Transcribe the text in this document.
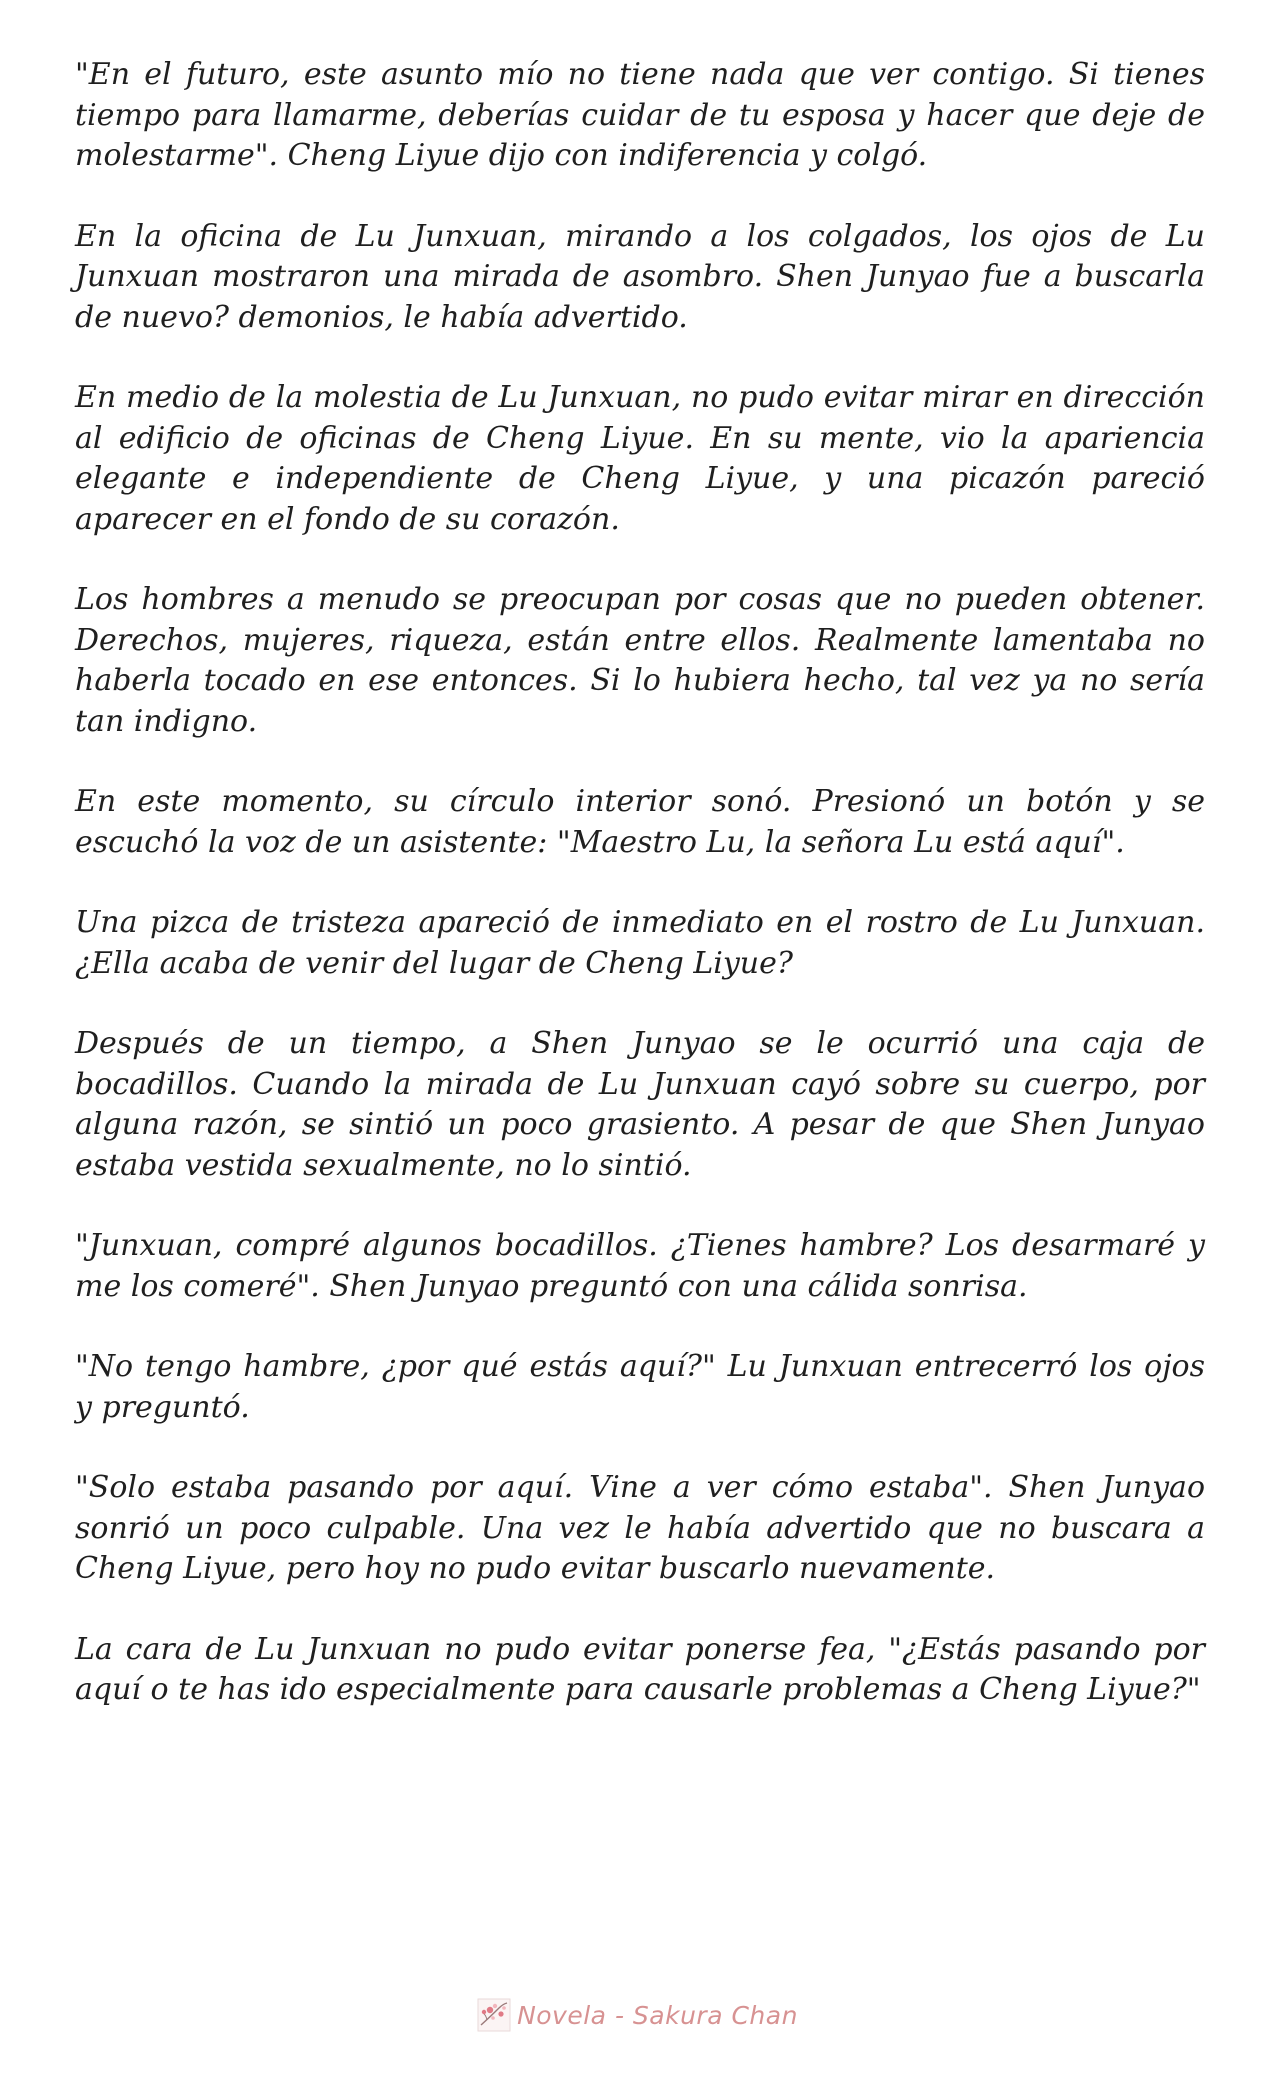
"En el futuro, este asunto mío no tiene nada que ver contigo. Si tienes tiempo para llamarme, deberías cuidar de tu esposa y hacer que deje de molestarme". Cheng Liyue dijo con indiferencia y colgó.

En la oficina de Lu Junxuan, mirando a los colgados, los ojos de Lu Junxuan mostraron una mirada de asombro. Shen Junyao fue a buscarla de nuevo? demonios, le había advertido.

En medio de la molestia de Lu Junxuan, no pudo evitar mirar en dirección al edificio de oficinas de Cheng Liyue. En su mente, vio la apariencia elegante e independiente de Cheng Liyue, y una picazón pareció aparecer en el fondo de su corazón.

Los hombres a menudo se preocupan por cosas que no pueden obtener. Derechos, mujeres, riqueza, están entre ellos. Realmente lamentaba no haberla tocado en ese entonces. Si lo hubiera hecho, tal vez ya no sería tan indigno.

En este momento, su círculo interior sonó. Presionó un botón y se escuchó la voz de un asistente: "Maestro Lu, la señora Lu está aquí".

Una pizca de tristeza apareció de inmediato en el rostro de Lu Junxuan. ¿Ella acaba de venir del lugar de Cheng Liyue?

Después de un tiempo, a Shen Junyao se le ocurrió una caja de bocadillos. Cuando la mirada de Lu Junxuan cayó sobre su cuerpo, por alguna razón, se sintió un poco grasiento. A pesar de que Shen Junyao estaba vestida sexualmente, no lo sintió.

"Junxuan, compré algunos bocadillos. ¿Tienes hambre? Los desarmaré y me los comeré". Shen Junyao preguntó con una cálida sonrisa.

"No tengo hambre, ¿por qué estás aquí?" Lu Junxuan entrecerró los ojos y preguntó.

"Solo estaba pasando por aquí. Vine a ver cómo estaba". Shen Junyao sonrió un poco culpable. Una vez le había advertido que no buscara a Cheng Liyue, pero hoy no pudo evitar buscarlo nuevamente.

La cara de Lu Junxuan no pudo evitar ponerse fea, "¿Estás pasando por aquí o te has ido especialmente para causarle problemas a Cheng Liyue?"

Novela - Sakura Chan
